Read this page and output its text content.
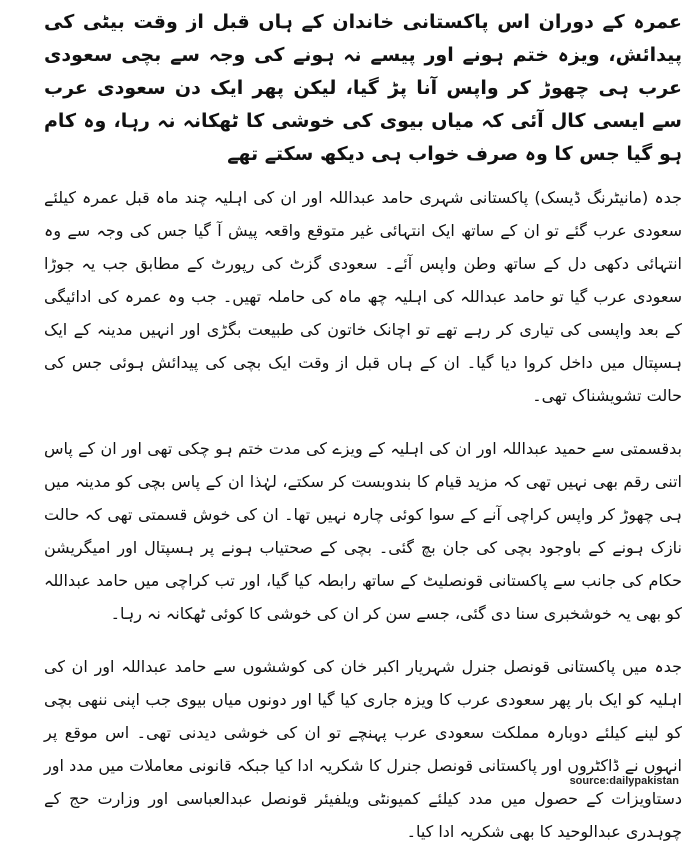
عمرہ کے دوران اس پاکستانی خاندان کے ہاں قبل از وقت بیٹی کی پیدائش، ویزہ ختم ہونے اور پیسے نہ ہونے کی وجہ سے بچی سعودی عرب ہی چھوڑ کر واپس آنا پڑ گیا، لیکن پھر ایک دن سعودی عرب سے ایسی کال آئی کہ میاں بیوی کی خوشی کا ٹھکانہ نہ رہا، وہ کام ہو گیا جس کا وہ صرف خواب ہی دیکھ سکتے تھے

جدہ (مانیٹرنگ ڈیسک) پاکستانی شہری حامد عبداللہ اور ان کی اہلیہ چند ماہ قبل عمرہ کیلئے سعودی عرب گئے تو ان کے ساتھ ایک انتہائی غیر متوقع واقعہ پیش آ گیا جس کی وجہ سے وہ انتہائی دکھی دل کے ساتھ وطن واپس آئے۔ سعودی گزٹ کی رپورٹ کے مطابق جب یہ جوڑا سعودی عرب گیا تو حامد عبداللہ کی اہلیہ چھ ماہ کی حاملہ تھیں۔ جب وہ عمرہ کی ادائیگی کے بعد واپسی کی تیاری کر رہے تھے تو اچانک خاتون کی طبیعت بگڑی اور انہیں مدینہ کے ایک ہسپتال میں داخل کروا دیا گیا۔ ان کے ہاں قبل از وقت ایک بچی کی پیدائش ہوئی جس کی حالت تشویشناک تھی۔

بدقسمتی سے حمید عبداللہ اور ان کی اہلیہ کے ویزے کی مدت ختم ہو چکی تھی اور ان کے پاس اتنی رقم بھی نہیں تھی کہ مزید قیام کا بندوبست کر سکتے، لہٰذا ان کے پاس بچی کو مدینہ میں ہی چھوڑ کر واپس کراچی آنے کے سوا کوئی چارہ نہیں تھا۔ ان کی خوش قسمتی تھی کہ حالت نازک ہونے کے باوجود بچی کی جان بچ گئی۔ بچی کے صحتیاب ہونے پر ہسپتال اور امیگریشن حکام کی جانب سے پاکستانی قونصلیٹ کے ساتھ رابطہ کیا گیا، اور تب کراچی میں حامد عبداللہ کو بھی یہ خوشخبری سنا دی گئی، جسے سن کر ان کی خوشی کا کوئی ٹھکانہ نہ رہا۔

جدہ میں پاکستانی قونصل جنرل شہریار اکبر خان کی کوششوں سے حامد عبداللہ اور ان کی اہلیہ کو ایک بار پھر سعودی عرب کا ویزہ جاری کیا گیا اور دونوں میاں بیوی جب اپنی ننھی بچی کو لینے کیلئے دوبارہ مملکت سعودی عرب پہنچے تو ان کی خوشی دیدنی تھی۔ اس موقع پر انہوں نے ڈاکٹروں اور پاکستانی قونصل جنرل کا شکریہ ادا کیا جبکہ قانونی معاملات میں مدد اور دستاویزات کے حصول میں مدد کیلئے کمیونٹی ویلفیئر قونصل عبدالعباسی اور وزارت حج کے چوہدری عبدالوحید کا بھی شکریہ ادا کیا۔

source:dailypakistan
